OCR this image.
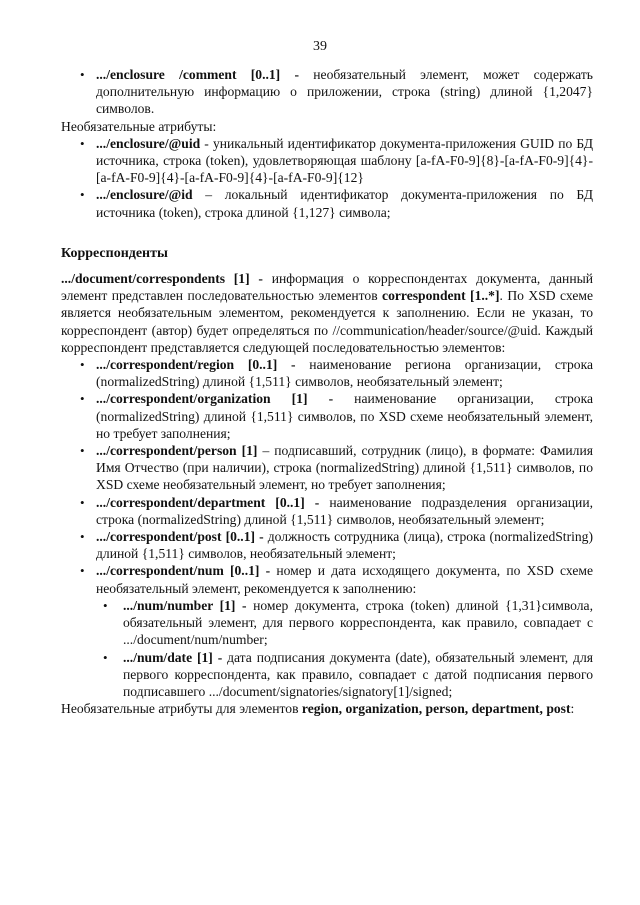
39
• .../enclosure /comment [0..1] - необязательный элемент, может содержать дополнительную информацию о приложении, строка (string) длиной {1,2047} символов.

Необязательные атрибуты:

• .../enclosure/@uid - уникальный идентификатор документа-приложения GUID по БД источника, строка (token), удовлетворяющая шаблону [a-fA-F0-9]{8}-[a-fA-F0-9]{4}-[a-fA-F0-9]{4}-[a-fA-F0-9]{4}-[a-fA-F0-9]{12}
• .../enclosure/@id – локальный идентификатор документа-приложения по БД источника (token), строка длиной {1,127} символа;

Корреспонденты

.../document/correspondents [1] - информация о корреспондентах документа, данный элемент представлен последовательностью элементов correspondent [1..*]. По XSD схеме является необязательным элементом, рекомендуется к заполнению. Если не указан, то корреспондент (автор) будет определяться по //communication/header/source/@uid. Каждый корреспондент представляется следующей последовательностью элементов:

• .../correspondent/region [0..1] - наименование региона организации, строка (normalizedString) длиной {1,511} символов, необязательный элемент;
• .../correspondent/organization [1] - наименование организации, строка (normalizedString) длиной {1,511} символов, по XSD схеме необязательный элемент, но требует заполнения;
• .../correspondent/person [1] – подписавший, сотрудник (лицо), в формате: Фамилия Имя Отчество (при наличии), строка (normalizedString) длиной {1,511} символов, по XSD схеме необязательный элемент, но требует заполнения;
• .../correspondent/department [0..1] - наименование подразделения организации, строка (normalizedString) длиной {1,511} символов, необязательный элемент;
• .../correspondent/post [0..1] - должность сотрудника (лица), строка (normalizedString) длиной {1,511} символов, необязательный элемент;
• .../correspondent/num [0..1] - номер и дата исходящего документа, по XSD схеме необязательный элемент, рекомендуется к заполнению:
• .../num/number [1] - номер документа, строка (token) длиной {1,31}символа, обязательный элемент, для первого корреспондента, как правило, совпадает с .../document/num/number;
• .../num/date [1] - дата подписания документа (date), обязательный элемент, для первого корреспондента, как правило, совпадает с датой подписания первого подписавшего .../document/signatories/signatory[1]/signed;

Необязательные атрибуты для элементов region, organization, person, department, post:
